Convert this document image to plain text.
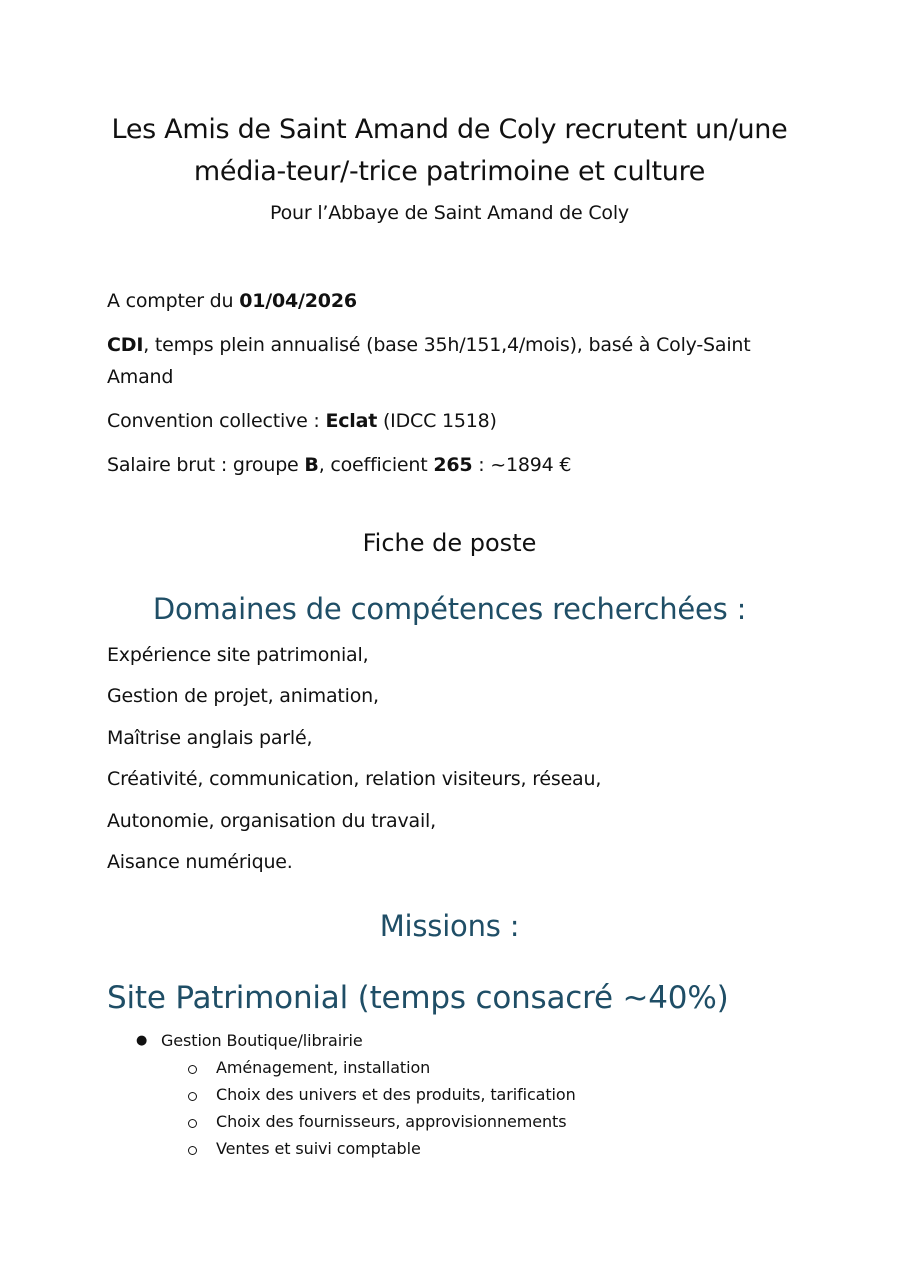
Les Amis de Saint Amand de Coly recrutent un/une
média-teur/-trice patrimoine et culture

Pour l’Abbaye de Saint Amand de Coly

A compter du 01/04/2026

CDI, temps plein annualisé (base 35h/151,4/mois), basé à Coly-Saint

Amand

Convention collective : Eclat (IDCC 1518)

Salaire brut : groupe B, coefficient 265 : ~1894 €

Fiche de poste
Domaines de compétences recherchées :

Expérience site patrimonial,

Gestion de projet, animation,

Maîtrise anglais parlé,

Créativité, communication, relation visiteurs, réseau,

Autonomie, organisation du travail,

Aisance numérique.

Missions :
Site Patrimonial (temps consacré ~40%)
● Gestion Boutique/librairie
Aménagement, installation
Choix des univers et des produits, tarification
Choix des fournisseurs, approvisionnements
Ventes et suivi comptable
